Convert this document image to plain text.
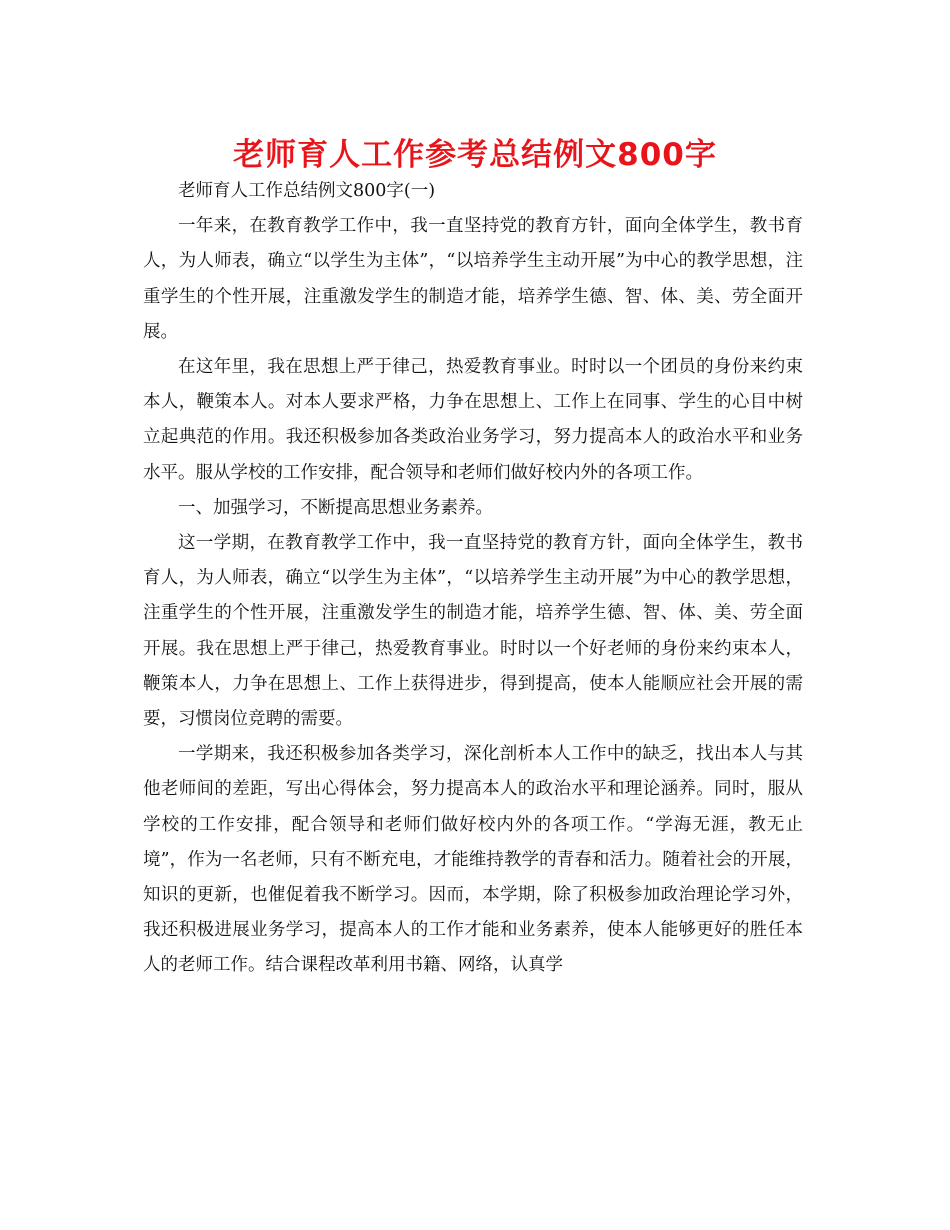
老师育人工作参考总结例文800字

老师育人工作总结例文800字(一)

一年来，在教育教学工作中，我一直坚持党的教育方针，面向全体学生，教书育人，为人师表，确立“以学生为主体”，“以培养学生主动开展”为中心的教学思想，注重学生的个性开展，注重激发学生的制造才能，培养学生德、智、体、美、劳全面开展。

在这年里，我在思想上严于律己，热爱教育事业。时时以一个团员的身份来约束本人，鞭策本人。对本人要求严格，力争在思想上、工作上在同事、学生的心目中树立起典范的作用。我还积极参加各类政治业务学习，努力提高本人的政治水平和业务水平。服从学校的工作安排，配合领导和老师们做好校内外的各项工作。

一、加强学习，不断提高思想业务素养。

这一学期，在教育教学工作中，我一直坚持党的教育方针，面向全体学生，教书育人，为人师表，确立“以学生为主体”，“以培养学生主动开展”为中心的教学思想，注重学生的个性开展，注重激发学生的制造才能，培养学生德、智、体、美、劳全面开展。我在思想上严于律己，热爱教育事业。时时以一个好老师的身份来约束本人，鞭策本人，力争在思想上、工作上获得进步，得到提高，使本人能顺应社会开展的需要，习惯岗位竞聘的需要。

一学期来，我还积极参加各类学习，深化剖析本人工作中的缺乏，找出本人与其他老师间的差距，写出心得体会，努力提高本人的政治水平和理论涵养。同时，服从学校的工作安排，配合领导和老师们做好校内外的各项工作。“学海无涯，教无止境”，作为一名老师，只有不断充电，才能维持教学的青春和活力。随着社会的开展，知识的更新，也催促着我不断学习。因而，本学期，除了积极参加政治理论学习外，我还积极进展业务学习，提高本人的工作才能和业务素养，使本人能够更好的胜任本人的老师工作。结合课程改革利用书籍、网络，认真学
